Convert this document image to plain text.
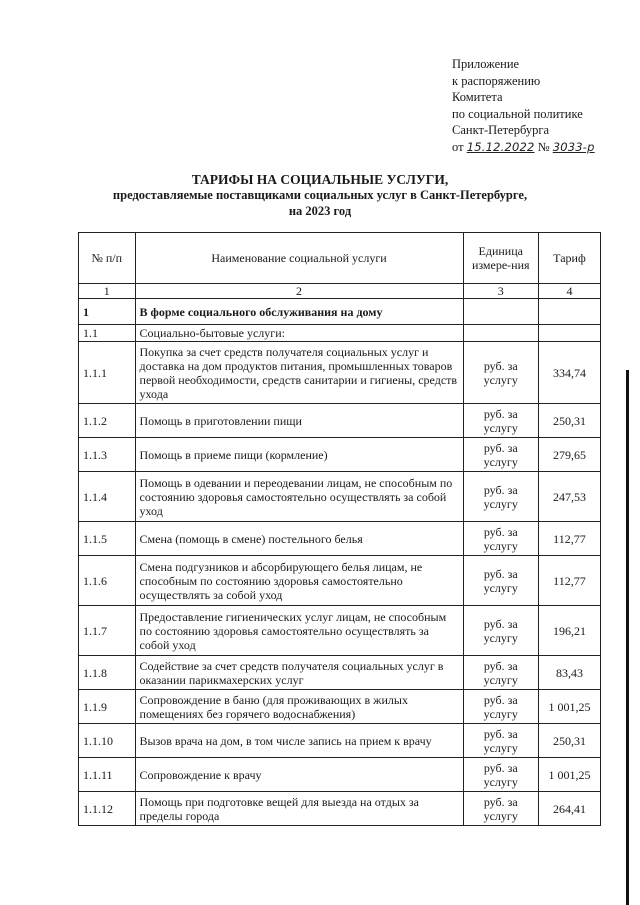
Приложение
к распоряжению
Комитета
по социальной политике
Санкт-Петербурга
от 15.12.2022 № 3033-р
ТАРИФЫ НА СОЦИАЛЬНЫЕ УСЛУГИ,
предоставляемые поставщиками социальных услуг в Санкт-Петербурге,
на 2023 год
№ п/п	Наименование социальной услуги	Единица измере-ния	Тариф
1	2	3	4
1	В форме социального обслуживания на дому		
1.1	Социально-бытовые услуги:		
1.1.1	Покупка за счет средств получателя социальных услуг и доставка на дом продуктов питания, промышленных товаров первой необходимости, средств санитарии и гигиены, средств ухода	руб. за услугу	334,74
1.1.2	Помощь в приготовлении пищи	руб. за услугу	250,31
1.1.3	Помощь в приеме пищи (кормление)	руб. за услугу	279,65
1.1.4	Помощь в одевании и переодевании лицам, не способным по состоянию здоровья самостоятельно осуществлять за собой уход	руб. за услугу	247,53
1.1.5	Смена (помощь в смене) постельного белья	руб. за услугу	112,77
1.1.6	Смена подгузников и абсорбирующего белья лицам, не способным по состоянию здоровья самостоятельно осуществлять за собой уход	руб. за услугу	112,77
1.1.7	Предоставление гигиенических услуг лицам, не способным по состоянию здоровья самостоятельно осуществлять за собой уход	руб. за услугу	196,21
1.1.8	Содействие за счет средств получателя социальных услуг в оказании парикмахерских услуг	руб. за услугу	83,43
1.1.9	Сопровождение в баню (для проживающих в жилых помещениях без горячего водоснабжения)	руб. за услугу	1 001,25
1.1.10	Вызов врача на дом, в том числе запись на прием к врачу	руб. за услугу	250,31
1.1.11	Сопровождение к врачу	руб. за услугу	1 001,25
1.1.12	Помощь при подготовке вещей для выезда на отдых за пределы города	руб. за услугу	264,41
